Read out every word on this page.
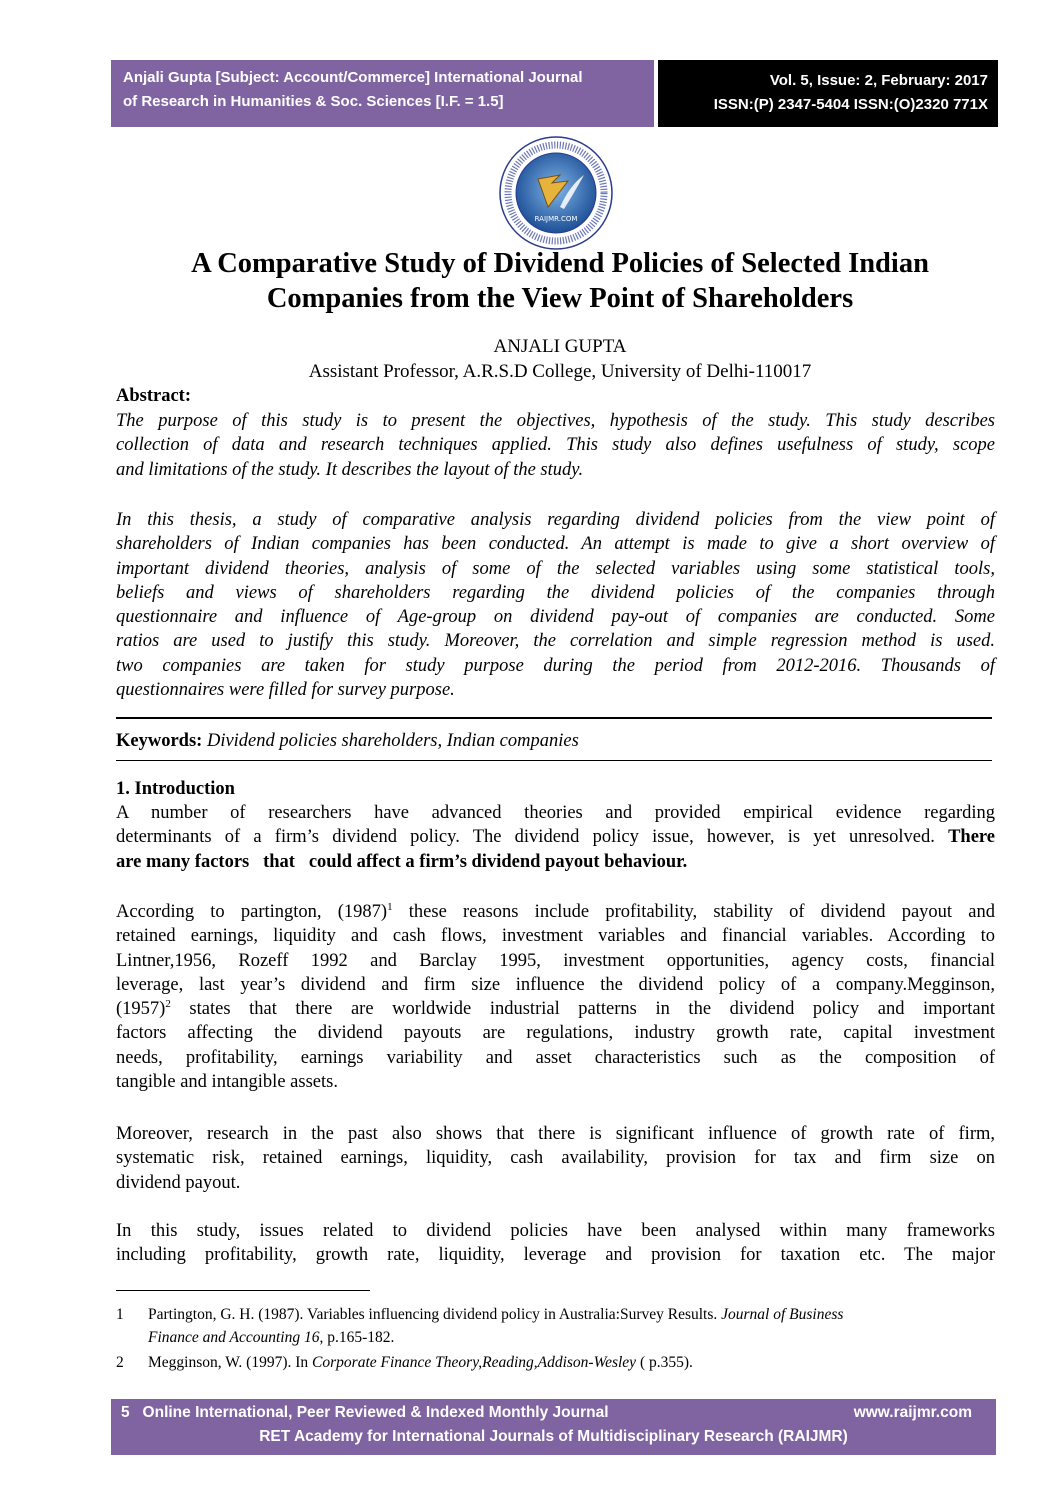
Anjali Gupta [Subject: Account/Commerce] International Journal
of Research in Humanities & Soc. Sciences [I.F. = 1.5]
Vol. 5, Issue: 2, February: 2017
ISSN:(P) 2347-5404 ISSN:(O)2320 771X
RAIJMR.COM
A Comparative Study of Dividend Policies of Selected Indian
Companies from the View Point of Shareholders
ANJALI GUPTA
Assistant Professor, A.R.S.D College, University of Delhi-110017
Abstract:

The purpose of this study is to present the objectives, hypothesis of the study. This study describes

collection of data and research techniques applied. This study also defines usefulness of study, scope

and limitations of the study. It describes the layout of the study.

In this thesis, a study of comparative analysis regarding dividend policies from the view point of

shareholders of Indian companies has been conducted. An attempt is made to give a short overview of

important dividend theories, analysis of some of the selected variables using some statistical tools,

beliefs and views of shareholders regarding the dividend policies of the companies through

questionnaire and influence of Age-group on dividend pay-out of companies are conducted. Some

ratios are used to justify this study. Moreover, the correlation and simple regression method is used.

two companies are taken for study purpose during the period from 2012-2016. Thousands of

questionnaires were filled for survey purpose.

Keywords: Dividend policies shareholders, Indian companies
1. Introduction

A number of researchers have advanced theories and provided empirical evidence regarding

determinants of a firm’s dividend policy. The dividend policy issue, however, is yet unresolved. There

are many factors   that   could affect a firm’s dividend payout behaviour.

According to partington, $(1987)^1$ these reasons include profitability, stability of dividend payout and

retained earnings, liquidity and cash flows, investment variables and financial variables. According to

Lintner,1956, Rozeff 1992 and Barclay 1995, investment opportunities, agency costs, financial

leverage, last year’s dividend and firm size influence the dividend policy of a company.Megginson,

$(1957)^2$ states that there are worldwide industrial patterns in the dividend policy and important

factors affecting the dividend payouts are regulations, industry growth rate, capital investment

needs, profitability, earnings variability and asset characteristics such as the composition of

tangible and intangible assets.

Moreover, research in the past also shows that there is significant influence of growth rate of firm,

systematic risk, retained earnings, liquidity, cash availability, provision for tax and firm size on

dividend payout.

In this study, issues related to dividend policies have been analysed within many frameworks

including profitability, growth rate, liquidity, leverage and provision for taxation etc. The major

1 Partington, G. H. (1987). Variables influencing dividend policy in Australia:Survey Results. Journal of Business
Finance and Accounting 16, p.165-182.
2 Megginson, W. (1997). In Corporate Finance Theory,Reading,Addison-Wesley ( p.355).
5 Online International, Peer Reviewed & Indexed Monthly Journal	www.raijmr.com
RET Academy for International Journals of Multidisciplinary Research (RAIJMR)
